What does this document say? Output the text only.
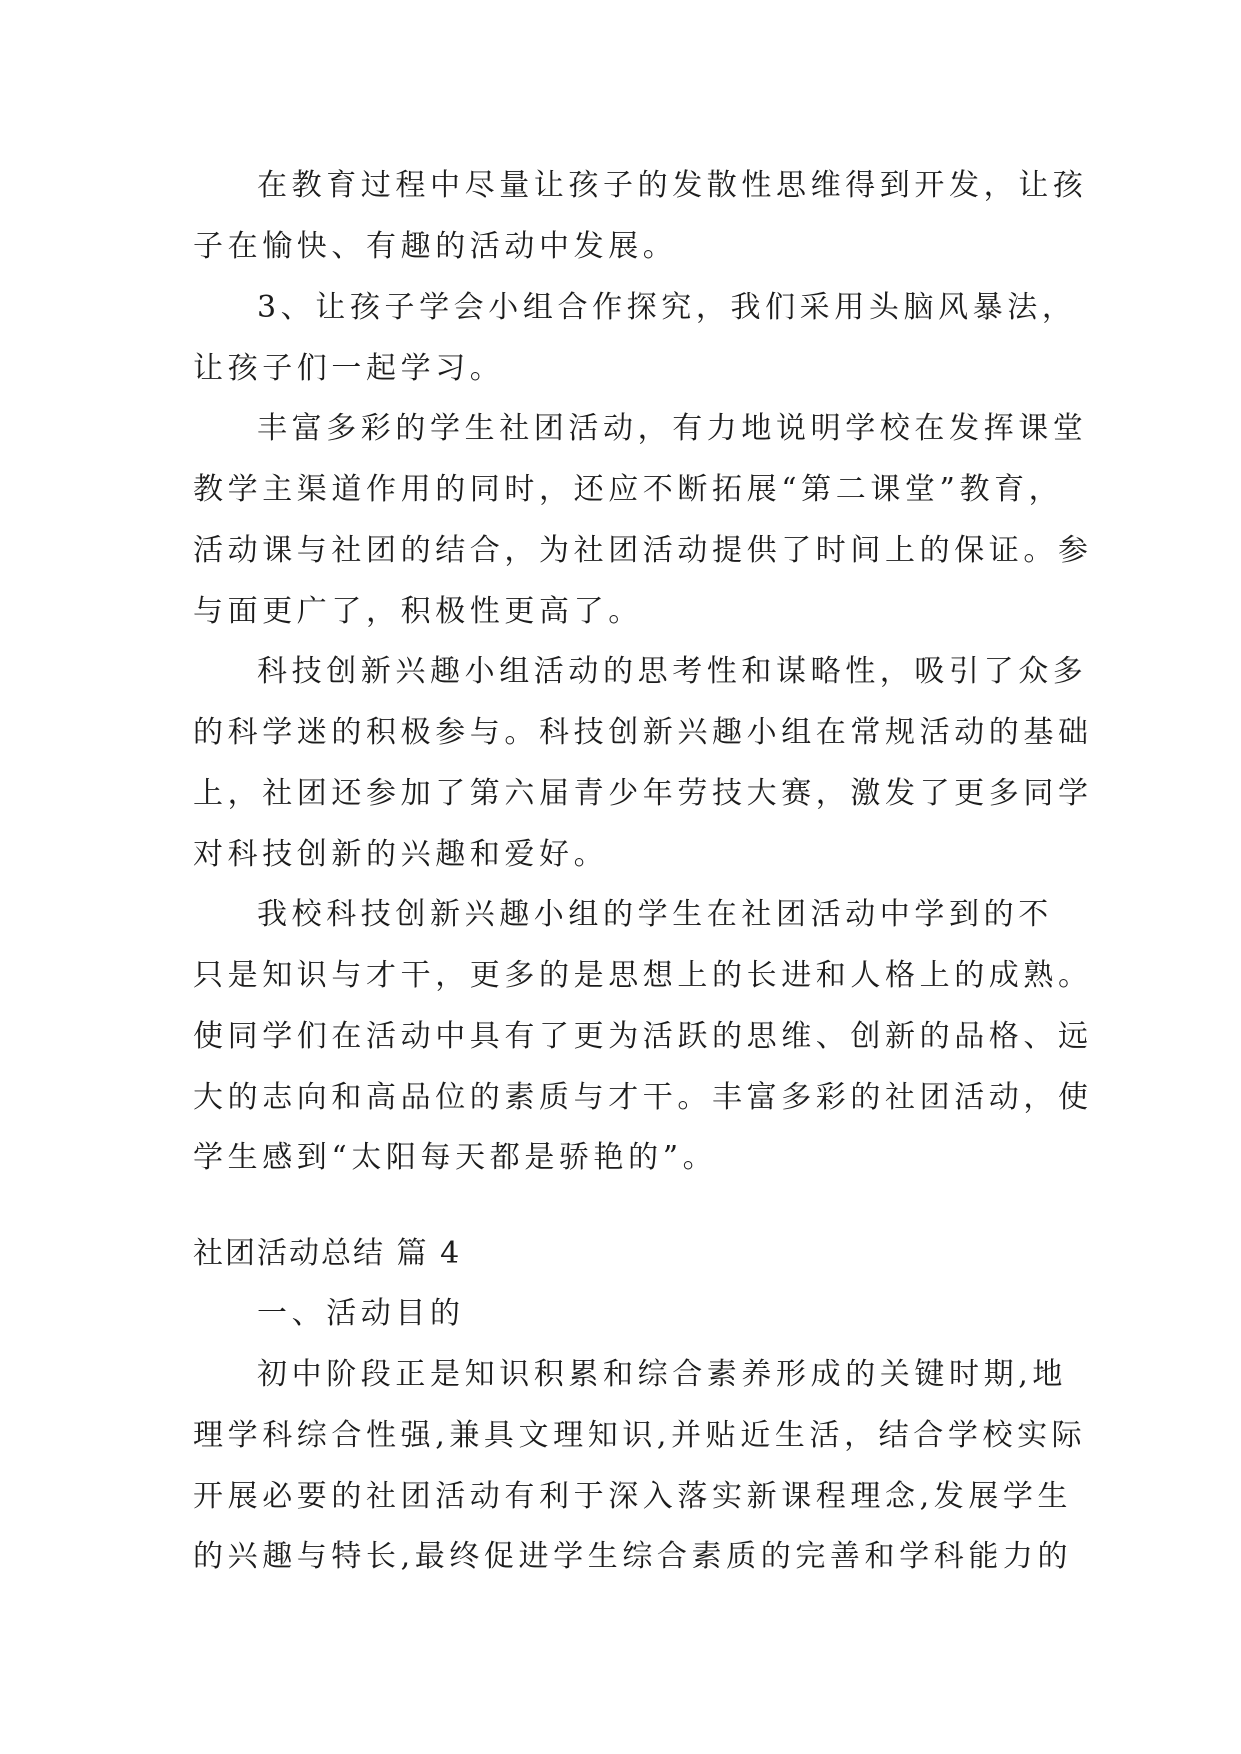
在教育过程中尽量让孩子的发散性思维得到开发，让孩

子在愉快、有趣的活动中发展。

3、让孩子学会小组合作探究，我们采用头脑风暴法，

让孩子们一起学习。

丰富多彩的学生社团活动，有力地说明学校在发挥课堂

教学主渠道作用的同时，还应不断拓展“第二课堂”教育，

活动课与社团的结合，为社团活动提供了时间上的保证。参

与面更广了，积极性更高了。

科技创新兴趣小组活动的思考性和谋略性，吸引了众多

的科学迷的积极参与。科技创新兴趣小组在常规活动的基础

上，社团还参加了第六届青少年劳技大赛，激发了更多同学

对科技创新的兴趣和爱好。

我校科技创新兴趣小组的学生在社团活动中学到的不

只是知识与才干，更多的是思想上的长进和人格上的成熟。

使同学们在活动中具有了更为活跃的思维、创新的品格、远

大的志向和高品位的素质与才干。丰富多彩的社团活动，使

学生感到“太阳每天都是骄艳的”。

社团活动总结 篇 4

一、活动目的

初中阶段正是知识积累和综合素养形成的关键时期,地

理学科综合性强,兼具文理知识,并贴近生活，结合学校实际

开展必要的社团活动有利于深入落实新课程理念,发展学生

的兴趣与特长,最终促进学生综合素质的完善和学科能力的
